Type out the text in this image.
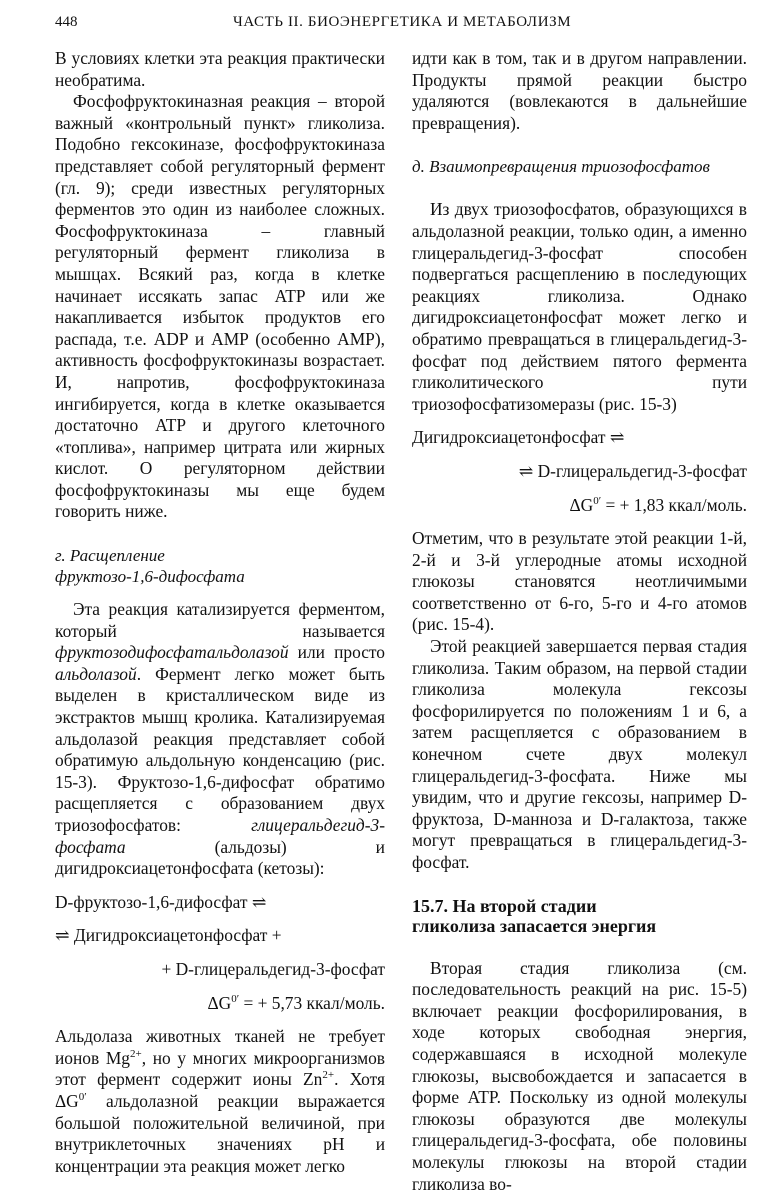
448	ЧАСТЬ II. БИОЭНЕРГЕТИКА И МЕТАБОЛИЗМ

В условиях клетки эта реакция практически необратима.

Фосфофруктокиназная реакция – второй важный «контрольный пункт» гликолиза. Подобно гексокиназе, фосфофруктокиназа представляет собой регуляторный фермент (гл. 9); среди известных регуляторных ферментов это один из наиболее сложных. Фосфофруктокиназа – главный регуляторный фермент гликолиза в мышцах. Всякий раз, когда в клетке начинает иссякать запас ATP или же накапливается избыток продуктов его распада, т.е. ADP и AMP (особенно AMP), активность фосфофруктокиназы возрастает. И, напротив, фосфофруктокиназа ингибируется, когда в клетке оказывается достаточно ATP и другого клеточного «топлива», например цитрата или жирных кислот. О регуляторном действии фосфофруктокиназы мы еще будем говорить ниже.

г. Расщепление
фруктозо-1,6-дифосфата

Эта реакция катализируется ферментом, который называется фруктозодифосфатальдолазой или просто альдолазой. Фермент легко может быть выделен в кристаллическом виде из экстрактов мышц кролика. Катализируемая альдолазой реакция представляет собой обратимую альдольную конденсацию (рис. 15-3). Фруктозо-1,6-дифосфат обратимо расщепляется с образованием двух триозофосфатов: глицеральдегид-3-фосфата (альдозы) и дигидроксиацетонфосфата (кетозы):

D-фруктозо-1,6-дифосфат ⇌
⇌ Дигидроксиацетонфосфат +
+ D-глицеральдегид-3-фосфат
$\Delta G^{0'}$ = + 5,73 ккал/моль.

Альдолаза животных тканей не требует ионов $Mg^{2+}$, но у многих микроорганизмов этот фермент содержит ионы $Zn^{2+}$. Хотя $\Delta G^{0'}$ альдолазной реакции выражается большой положительной величиной, при внутриклеточных значениях pH и концентрации эта реакция может легко

идти как в том, так и в другом направлении. Продукты прямой реакции быстро удаляются (вовлекаются в дальнейшие превращения).

д. Взаимопревращения триозофосфатов

Из двух триозофосфатов, образующихся в альдолазной реакции, только один, а именно глицеральдегид-3-фосфат способен подвергаться расщеплению в последующих реакциях гликолиза. Однако дигидроксиацетонфосфат может легко и обратимо превращаться в глицеральдегид-3-фосфат под действием пятого фермента гликолитического пути триозофосфатизомеразы (рис. 15-3)

Дигидроксиацетонфосфат ⇌
⇌ D-глицеральдегид-3-фосфат
$\Delta G^{0'}$ = + 1,83 ккал/моль.

Отметим, что в результате этой реакции 1-й, 2-й и 3-й углеродные атомы исходной глюкозы становятся неотличимыми соответственно от 6-го, 5-го и 4-го атомов (рис. 15-4).

Этой реакцией завершается первая стадия гликолиза. Таким образом, на первой стадии гликолиза молекула гексозы фосфорилируется по положениям 1 и 6, а затем расщепляется с образованием в конечном счете двух молекул глицеральдегид-3-фосфата. Ниже мы увидим, что и другие гексозы, например D-фруктоза, D-манноза и D-галактоза, также могут превращаться в глицеральдегид-3-фосфат.

15.7. На второй стадии
гликолиза запасается энергия

Вторая стадия гликолиза (см. последовательность реакций на рис. 15-5) включает реакции фосфорилирования, в ходе которых свободная энергия, содержавшаяся в исходной молекуле глюкозы, высвобождается и запасается в форме ATP. Поскольку из одной молекулы глюкозы образуются две молекулы глицеральдегид-3-фосфата, обе половины молекулы глюкозы на второй стадии гликолиза во-
